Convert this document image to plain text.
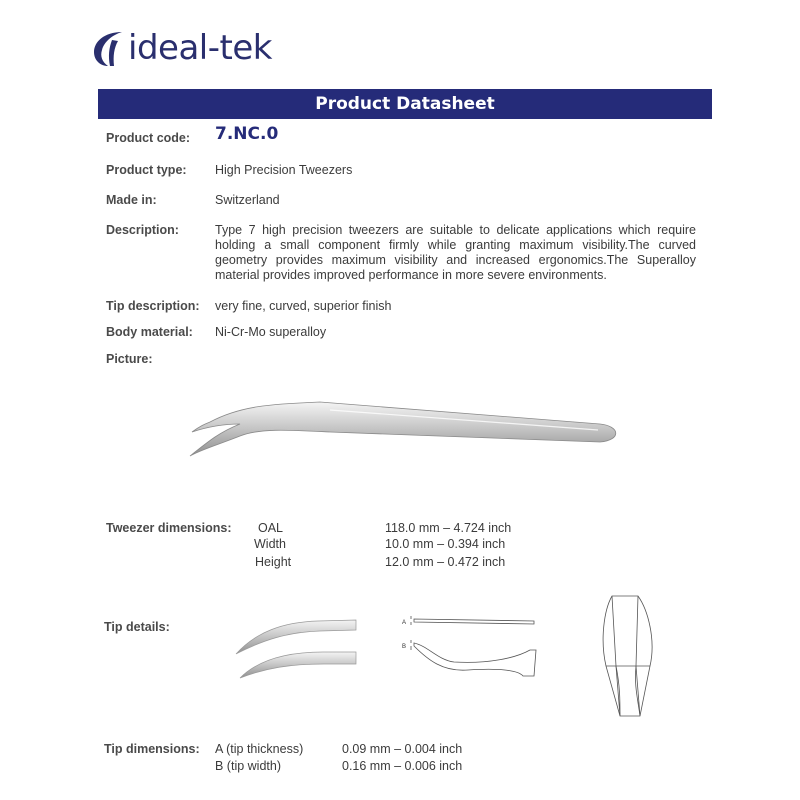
ideal-tek
Product Datasheet
Product code: 7.NC.0
Product type: High Precision Tweezers
Made in:	Switzerland
Description:	Type 7 high precision tweezers are suitable to delicate applications which require holding a small component firmly while granting maximum visibility.The curved geometry provides maximum visibility and increased ergonomics.The Superalloy material provides improved performance in more severe environments.
Tip description: very fine, curved, superior finish
Body material: Ni-Cr-Mo superalloy
Picture:
Tweezer dimensions: OAL	118.0 mm – 4.724 inch
Width	10.0 mm – 0.394 inch
Height	12.0 mm – 0.472 inch
Tip details:	A
B
Tip dimensions: A (tip thickness)	0.09 mm – 0.004 inch
B (tip width)	0.16 mm – 0.006 inch
